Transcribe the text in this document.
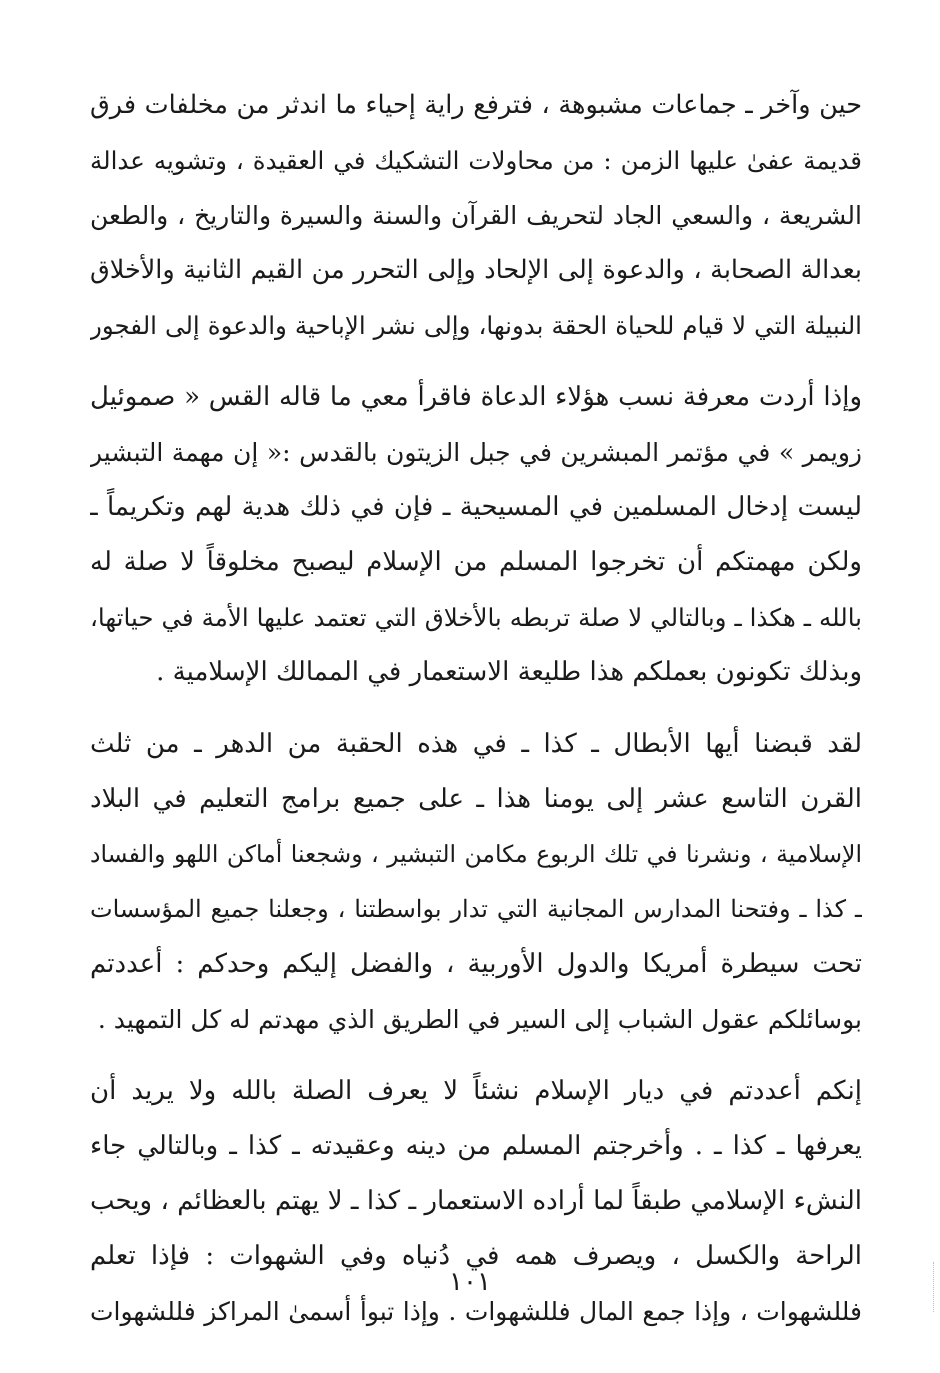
حين وآخر ـ جماعات مشبوهة ، فترفع راية إحياء ما اندثر من مخلفات فرق
قديمة عفىٰ عليها الزمن : من محاولات التشكيك في العقيدة ، وتشويه عدالة
الشريعة ، والسعي الجاد لتحريف القرآن والسنة والسيرة والتاريخ ، والطعن
بعدالة الصحابة ، والدعوة إلى الإلحاد وإلى التحرر من القيم الثانية والأخلاق
النبيلة التي لا قيام للحياة الحقة بدونها، وإلى نشر الإباحية والدعوة إلى الفجور

وإذا أردت معرفة نسب هؤلاء الدعاة فاقرأ معي ما قاله القس « صموئيل
زويمر » في مؤتمر المبشرين في جبل الزيتون بالقدس :« إن مهمة التبشير
ليست إدخال المسلمين في المسيحية ـ فإن في ذلك هدية لهم وتكريماً ـ
ولكن مهمتكم أن تخرجوا المسلم من الإسلام ليصبح مخلوقاً لا صلة له
بالله ـ هكذا ـ وبالتالي لا صلة تربطه بالأخلاق التي تعتمد عليها الأمة في حياتها،
وبذلك تكونون بعملكم هذا طليعة الاستعمار في الممالك الإسلامية .

لقد قبضنا أيها الأبطال ـ كذا ـ في هذه الحقبة من الدهر ـ من ثلث
القرن التاسع عشر إلى يومنا هذا ـ على جميع برامج التعليم في البلاد
الإسلامية ، ونشرنا في تلك الربوع مكامن التبشير ، وشجعنا أماكن اللهو والفساد
ـ كذا ـ وفتحنا المدارس المجانية التي تدار بواسطتنا ، وجعلنا جميع المؤسسات
تحت سيطرة أمريكا والدول الأوربية ، والفضل إليكم وحدكم : أعددتم
بوسائلكم عقول الشباب إلى السير في الطريق الذي مهدتم له كل التمهيد .

إنكم أعددتم في ديار الإسلام نشئاً لا يعرف الصلة بالله ولا يريد أن
يعرفها ـ كذا ـ . وأخرجتم المسلم من دينه وعقيدته ـ كذا ـ وبالتالي جاء
النشء الإسلامي طبقاً لما أراده الاستعمار ـ كذا ـ لا يهتم بالعظائم ، ويحب
الراحة والكسل ، ويصرف همه في دُنياه وفي الشهوات : فإذا تعلم
فللشهوات ، وإذا جمع المال فللشهوات . وإذا تبوأ أسمىٰ المراكز فللشهوات

١٠١
